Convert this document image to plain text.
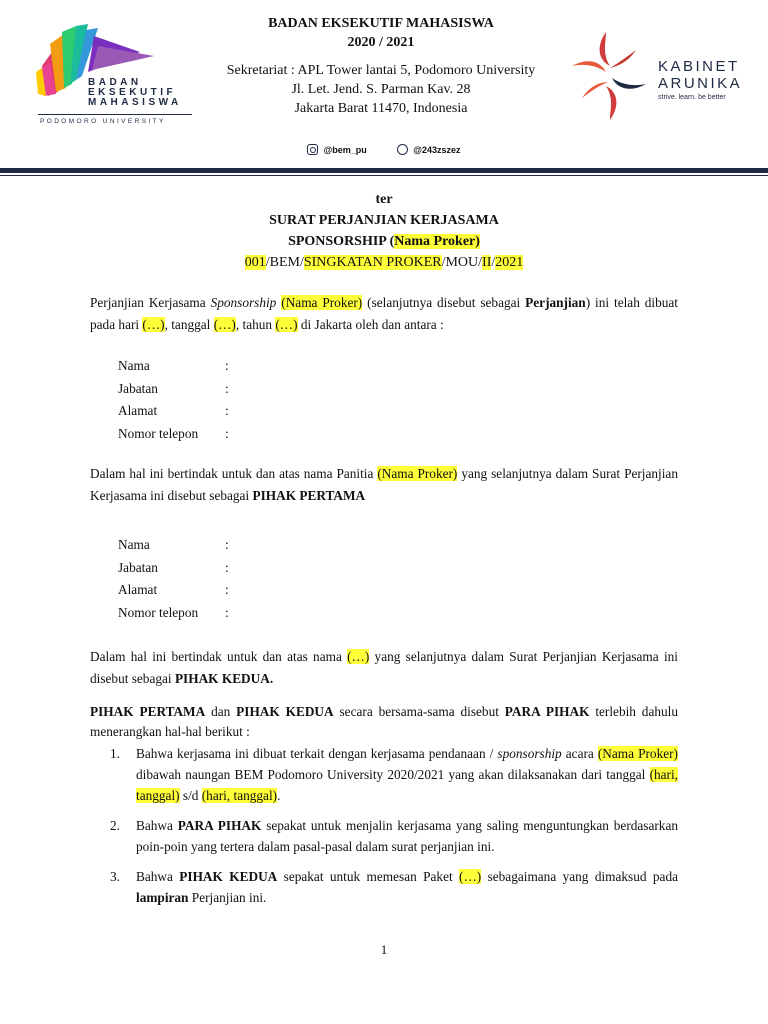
BADAN
EKSEKUTIF
MAHASISWA
PODOMORO UNIVERSITY
BADAN EKSEKUTIF MAHASISWA
2020 / 2021
Sekretariat : APL Tower lantai 5, Podomoro University
Jl. Let. Jend. S. Parman Kav. 28
Jakarta Barat 11470, Indonesia
KABINET
ARUNIKA
strive. learn. be better
@bem_pu
	@243zszez
ter
SURAT PERJANJIAN KERJASAMA
SPONSORSHIP (Nama Proker)
001/BEM/SINGKATAN PROKER/MOU/II/2021
Perjanjian Kerjasama Sponsorship (Nama Proker) (selanjutnya disebut sebagai Perjanjian) ini telah dibuat pada hari (…), tanggal (…), tahun (…) di Jakarta oleh dan antara :
Nama	:
Jabatan	:
Alamat	:
Nomor telepon	:
Dalam hal ini bertindak untuk dan atas nama Panitia (Nama Proker) yang selanjutnya dalam Surat Perjanjian Kerjasama ini disebut sebagai PIHAK PERTAMA
Nama	:
Jabatan	:
Alamat	:
Nomor telepon	:
Dalam hal ini bertindak untuk dan atas nama (…) yang selanjutnya dalam Surat Perjanjian Kerjasama ini disebut sebagai PIHAK KEDUA.
PIHAK PERTAMA dan PIHAK KEDUA secara bersama-sama disebut PARA PIHAK terlebih dahulu menerangkan hal-hal berikut :
1.	Bahwa kerjasama ini dibuat terkait dengan kerjasama pendanaan / sponsorship acara (Nama Proker) dibawah naungan BEM Podomoro University 2020/2021 yang akan dilaksanakan dari tanggal (hari, tanggal) s/d (hari, tanggal).
2.	Bahwa PARA PIHAK sepakat untuk menjalin kerjasama yang saling menguntungkan berdasarkan poin-poin yang tertera dalam pasal-pasal dalam surat perjanjian ini.
3.	Bahwa PIHAK KEDUA sepakat untuk memesan Paket (…) sebagaimana yang dimaksud pada lampiran Perjanjian ini.
1
